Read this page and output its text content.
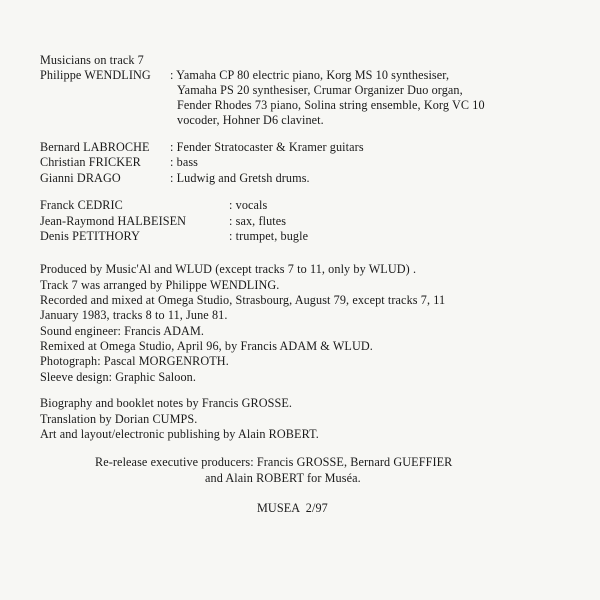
Musicians on track 7
Philippe WENDLING : Yamaha CP 80 electric piano, Korg MS 10 synthesiser,
Yamaha PS 20 synthesiser, Crumar Organizer Duo organ,
Fender Rhodes 73 piano, Solina string ensemble, Korg VC 10
vocoder, Hohner D6 clavinet.
Bernard LABROCHE : Fender Stratocaster & Kramer guitars
Christian FRICKER : bass
Gianni DRAGO	: Ludwig and Gretsh drums.
Franck CEDRIC	: vocals
Jean-Raymond HALBEISEN	: sax, flutes
Denis PETITHORY	: trumpet, bugle
Produced by Music'Al and WLUD (except tracks 7 to 11, only by WLUD) .
Track 7 was arranged by Philippe WENDLING.
Recorded and mixed at Omega Studio, Strasbourg, August 79, except tracks 7, 11
January 1983, tracks 8 to 11, June 81.
Sound engineer: Francis ADAM.
Remixed at Omega Studio, April 96, by Francis ADAM & WLUD.
Photograph: Pascal MORGENROTH.
Sleeve design: Graphic Saloon.
Biography and booklet notes by Francis GROSSE.
Translation by Dorian CUMPS.
Art and layout/electronic publishing by Alain ROBERT.
Re-release executive producers: Francis GROSSE, Bernard GUEFFIER
and Alain ROBERT for Muséa.
MUSEA  2/97
